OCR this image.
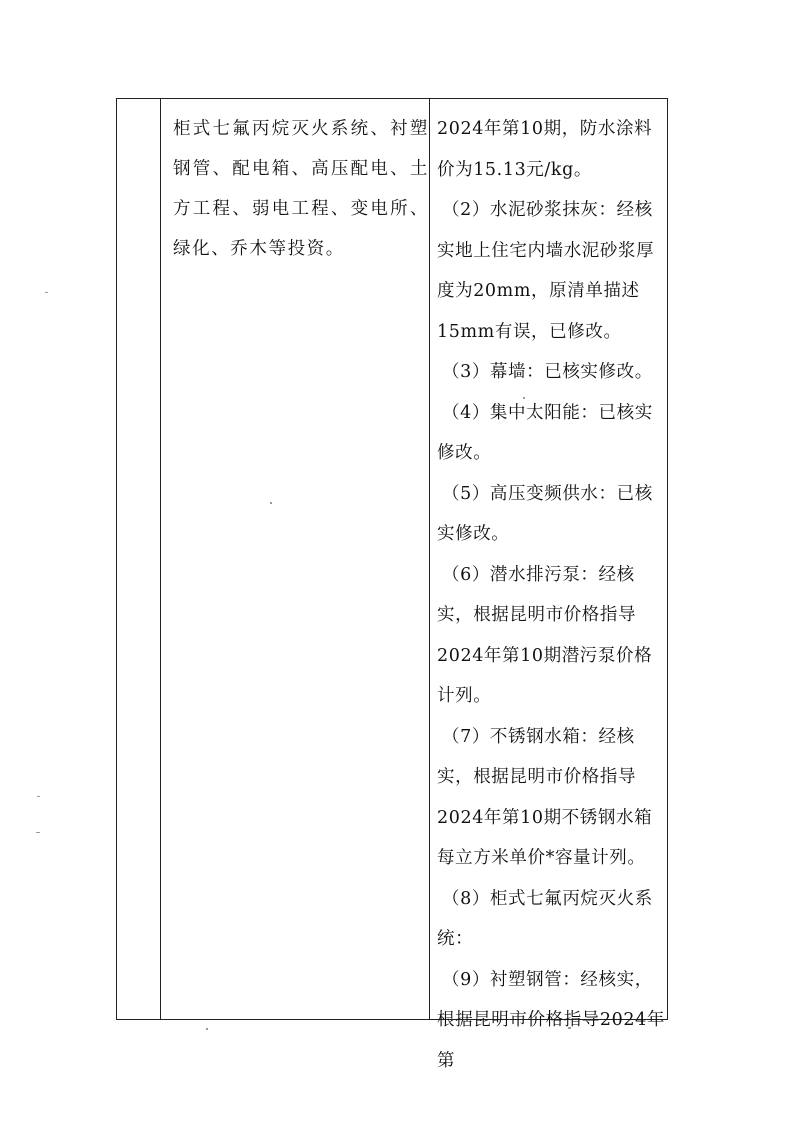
柜式七氟丙烷灭火系统、衬塑钢管、配电箱、高压配电、土方工程、弱电工程、变电所、绿化、乔木等投资。

2024年第10期，防水涂料价为15.13元/kg。

（2）水泥砂浆抹灰：经核实地上住宅内墙水泥砂浆厚度为20mm，原清单描述15mm有误，已修改。

（3）幕墙：已核实修改。

（4）集中太阳能：已核实修改。

（5）高压变频供水：已核实修改。

（6）潜水排污泵：经核实，根据昆明市价格指导2024年第10期潜污泵价格计列。

（7）不锈钢水箱：经核实，根据昆明市价格指导2024年第10期不锈钢水箱每立方米单价*容量计列。

（8）柜式七氟丙烷灭火系统：

（9）衬塑钢管：经核实，根据昆明市价格指导2024年第
